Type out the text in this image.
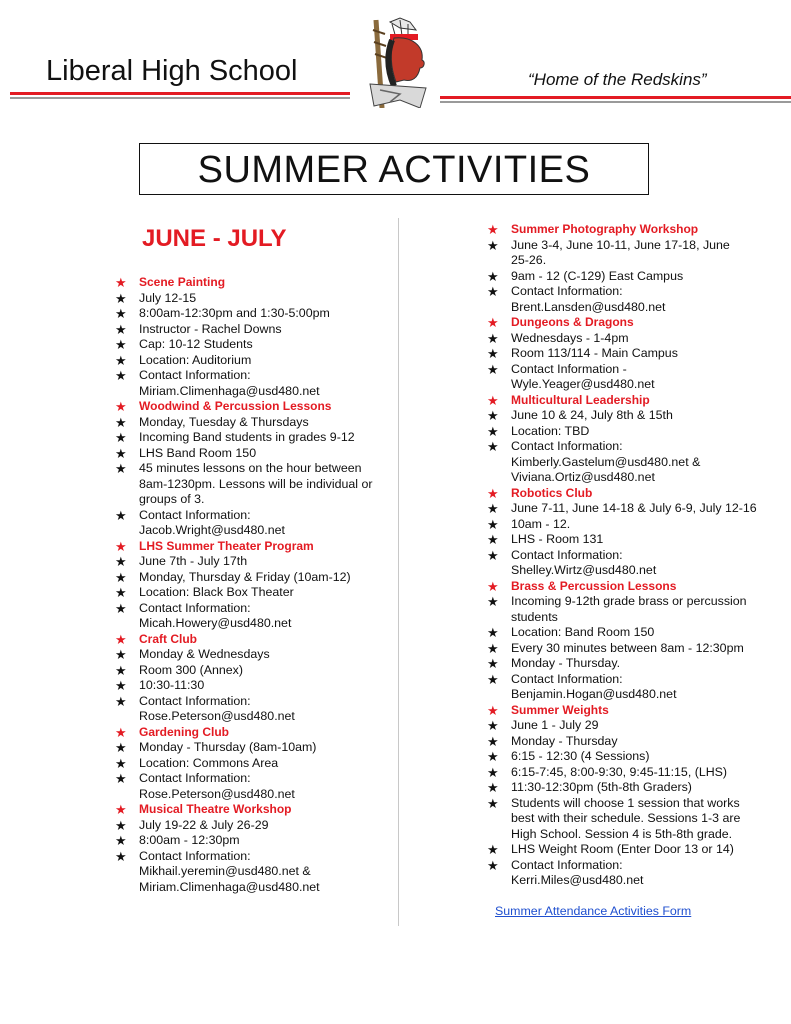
Liberal High School	“Home of the Redskins”
SUMMER ACTIVITIES
JUNE - JULY
★ Scene Painting
★ July 12-15
★ 8:00am-12:30pm and 1:30-5:00pm
★ Instructor - Rachel Downs
★ Cap: 10-12 Students
★ Location: Auditorium
★ Contact Information:
Miriam.Climenhaga@usd480.net
★ Woodwind & Percussion Lessons
★ Monday, Tuesday & Thursdays
★ Incoming Band students in grades 9-12
★ LHS Band Room 150
★ 45 minutes lessons on the hour between
8am-1230pm. Lessons will be individual or
groups of 3.
★ Contact Information:
Jacob.Wright@usd480.net
★ LHS Summer Theater Program
★ June 7th - July 17th
★ Monday, Thursday & Friday (10am-12)
★ Location: Black Box Theater
★ Contact Information:
Micah.Howery@usd480.net
★ Craft Club
★ Monday & Wednesdays
★ Room 300 (Annex)
★ 10:30-11:30
★ Contact Information:
Rose.Peterson@usd480.net
★ Gardening Club
★ Monday - Thursday (8am-10am)
★ Location: Commons Area
★ Contact Information:
Rose.Peterson@usd480.net
★ Musical Theatre Workshop
★ July 19-22 & July 26-29
★ 8:00am - 12:30pm
★ Contact Information:
Mikhail.yeremin@usd480.net &
Miriam.Climenhaga@usd480.net
★ Summer Photography Workshop
★ June 3-4, June 10-11, June 17-18, June
25-26.
★ 9am - 12 (C-129) East Campus
★ Contact Information:
Brent.Lansden@usd480.net
★ Dungeons & Dragons
★ Wednesdays - 1-4pm
★ Room 113/114 - Main Campus
★ Contact Information -
Wyle.Yeager@usd480.net
★ Multicultural Leadership
★ June 10 & 24, July 8th & 15th
★ Location: TBD
★ Contact Information:
Kimberly.Gastelum@usd480.net &
Viviana.Ortiz@usd480.net
★ Robotics Club
★ June 7-11, June 14-18 & July 6-9, July 12-16
★ 10am - 12.
★ LHS - Room 131
★ Contact Information:
Shelley.Wirtz@usd480.net
★ Brass & Percussion Lessons
★ Incoming 9-12th grade brass or percussion
students
★ Location: Band Room 150
★ Every 30 minutes between 8am - 12:30pm
★ Monday - Thursday.
★ Contact Information:
Benjamin.Hogan@usd480.net
★ Summer Weights
★ June 1 - July 29
★ Monday - Thursday
★ 6:15 - 12:30 (4 Sessions)
★ 6:15-7:45, 8:00-9:30, 9:45-11:15, (LHS)
★ 11:30-12:30pm (5th-8th Graders)
★ Students will choose 1 session that works
best with their schedule. Sessions 1-3 are
High School. Session 4 is 5th-8th grade.
★ LHS Weight Room (Enter Door 13 or 14)
★ Contact Information:
Kerri.Miles@usd480.net
Summer Attendance Activities Form
